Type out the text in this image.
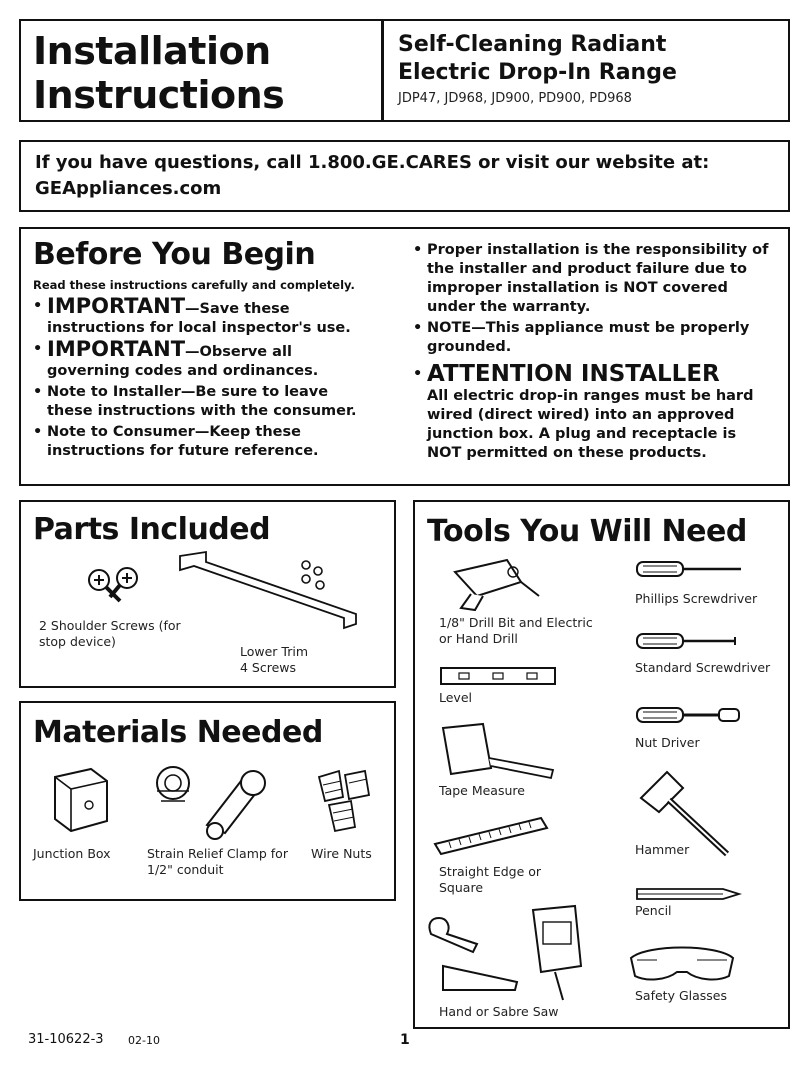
Installation
Instructions
Self-Cleaning Radiant
Electric Drop-In Range
JDP47, JD968, JD900, PD900, PD968
If you have questions, call 1.800.GE.CARES or visit our website at:
GEAppliances.com
Before You Begin
Read these instructions carefully and completely.
• IMPORTANT—Save these
instructions for local inspector's use.
• IMPORTANT—Observe all
governing codes and ordinances.
• Note to Installer—Be sure to leave these instructions with the consumer.
• Note to Consumer—Keep these instructions for future reference.
• Proper installation is the responsibility of the installer and product failure due to improper installation is NOT covered under the warranty.
• NOTE—This appliance must be properly grounded.
• ATTENTION INSTALLER
All electric drop-in ranges must be hard wired (direct wired) into an approved junction box. A plug and receptacle is NOT permitted on these products.
Parts Included
2 Shoulder Screws (for stop device)
Lower Trim
4 Screws
Materials Needed
Junction Box	Strain Relief Clamp for 1/2" conduit
Wire Nuts
Tools You Will Need
1/8" Drill Bit and Electric or Hand Drill
Phillips Screwdriver
Level
Standard Screwdriver
Nut Driver
Tape Measure
Hammer
Straight Edge or Square
Pencil
Hand or Sabre Saw
Safety Glasses
31-10622-3 02-10	1
